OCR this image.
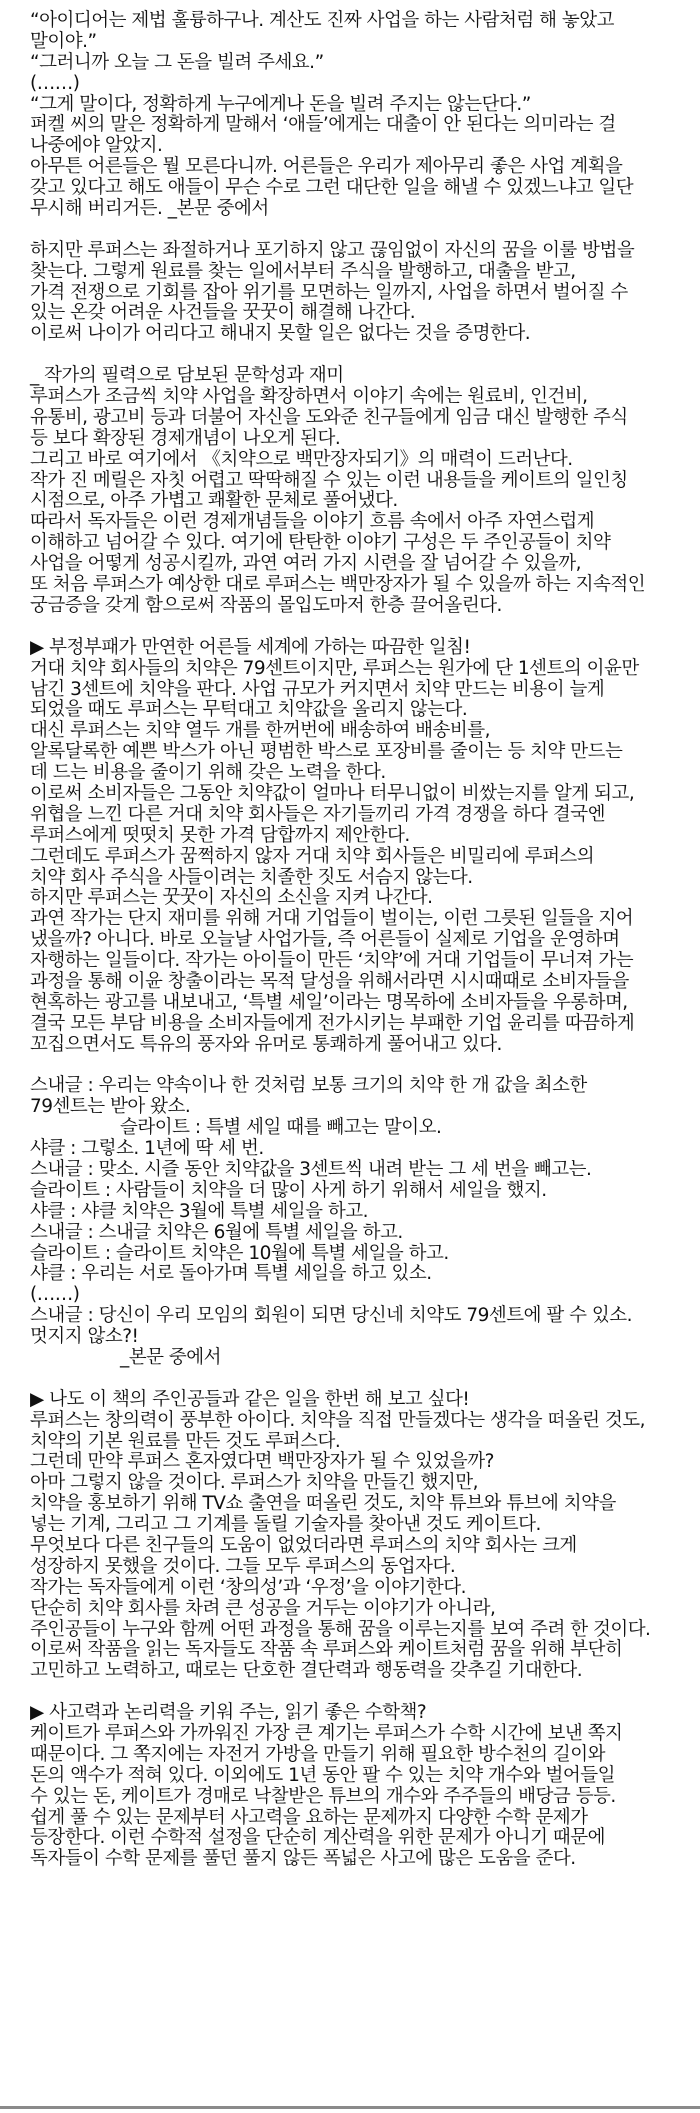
“아이디어는 제법 훌륭하구나. 계산도 진짜 사업을 하는 사람처럼 해 놓았고
말이야.”
“그러니까 오늘 그 돈을 빌려 주세요.”
(……)
“그게 말이다, 정확하게 누구에게나 돈을 빌려 주지는 않는단다.”
퍼켈 씨의 말은 정확하게 말해서 ‘애들’에게는 대출이 안 된다는 의미라는 걸
나중에야 알았지.
아무튼 어른들은 뭘 모른다니까. 어른들은 우리가 제아무리 좋은 사업 계획을
갖고 있다고 해도 애들이 무슨 수로 그런 대단한 일을 해낼 수 있겠느냐고 일단
무시해 버리거든. _본문 중에서
하지만 루퍼스는 좌절하거나 포기하지 않고 끊임없이 자신의 꿈을 이룰 방법을
찾는다. 그렇게 원료를 찾는 일에서부터 주식을 발행하고, 대출을 받고,
가격 전쟁으로 기회를 잡아 위기를 모면하는 일까지, 사업을 하면서 벌어질 수
있는 온갖 어려운 사건들을 꿋꿋이 해결해 나간다.
이로써 나이가 어리다고 해내지 못할 일은 없다는 것을 증명한다.
_ 작가의 필력으로 담보된 문학성과 재미
루퍼스가 조금씩 치약 사업을 확장하면서 이야기 속에는 원료비, 인건비,
유통비, 광고비 등과 더불어 자신을 도와준 친구들에게 임금 대신 발행한 주식
등 보다 확장된 경제개념이 나오게 된다.
그리고 바로 여기에서 《치약으로 백만장자되기》의 매력이 드러난다.
작가 진 메릴은 자칫 어렵고 딱딱해질 수 있는 이런 내용들을 케이트의 일인칭
시점으로, 아주 가볍고 쾌활한 문체로 풀어냈다.
따라서 독자들은 이런 경제개념들을 이야기 흐름 속에서 아주 자연스럽게
이해하고 넘어갈 수 있다. 여기에 탄탄한 이야기 구성은 두 주인공들이 치약
사업을 어떻게 성공시킬까, 과연 여러 가지 시련을 잘 넘어갈 수 있을까,
또 처음 루퍼스가 예상한 대로 루퍼스는 백만장자가 될 수 있을까 하는 지속적인
궁금증을 갖게 함으로써 작품의 몰입도마저 한층 끌어올린다.
▶ 부정부패가 만연한 어른들 세계에 가하는 따끔한 일침!
거대 치약 회사들의 치약은 79센트이지만, 루퍼스는 원가에 단 1센트의 이윤만
남긴 3센트에 치약을 판다. 사업 규모가 커지면서 치약 만드는 비용이 늘게
되었을 때도 루퍼스는 무턱대고 치약값을 올리지 않는다.
대신 루퍼스는 치약 열두 개를 한꺼번에 배송하여 배송비를,
알록달록한 예쁜 박스가 아닌 평범한 박스로 포장비를 줄이는 등 치약 만드는
데 드는 비용을 줄이기 위해 갖은 노력을 한다.
이로써 소비자들은 그동안 치약값이 얼마나 터무니없이 비쌌는지를 알게 되고,
위협을 느낀 다른 거대 치약 회사들은 자기들끼리 가격 경쟁을 하다 결국엔
루퍼스에게 떳떳치 못한 가격 담합까지 제안한다.
그런데도 루퍼스가 꿈쩍하지 않자 거대 치약 회사들은 비밀리에 루퍼스의
치약 회사 주식을 사들이려는 치졸한 짓도 서슴지 않는다.
하지만 루퍼스는 꿋꿋이 자신의 소신을 지켜 나간다.
과연 작가는 단지 재미를 위해 거대 기업들이 벌이는, 이런 그릇된 일들을 지어
냈을까? 아니다. 바로 오늘날 사업가들, 즉 어른들이 실제로 기업을 운영하며
자행하는 일들이다. 작가는 아이들이 만든 ‘치약’에 거대 기업들이 무너져 가는
과정을 통해 이윤 창출이라는 목적 달성을 위해서라면 시시때때로 소비자들을
현혹하는 광고를 내보내고, ‘특별 세일’이라는 명목하에 소비자들을 우롱하며,
결국 모든 부담 비용을 소비자들에게 전가시키는 부패한 기업 윤리를 따끔하게
꼬집으면서도 특유의 풍자와 유머로 통쾌하게 풀어내고 있다.
스내글 : 우리는 약속이나 한 것처럼 보통 크기의 치약 한 개 값을 최소한
79센트는 받아 왔소.
슬라이트 : 특별 세일 때를 빼고는 말이오.
샤클 : 그렇소. 1년에 딱 세 번.
스내글 : 맞소. 시즐 동안 치약값을 3센트씩 내려 받는 그 세 번을 빼고는.
슬라이트 : 사람들이 치약을 더 많이 사게 하기 위해서 세일을 했지.
샤클 : 샤클 치약은 3월에 특별 세일을 하고.
스내글 : 스내글 치약은 6월에 특별 세일을 하고.
슬라이트 : 슬라이트 치약은 10월에 특별 세일을 하고.
샤클 : 우리는 서로 돌아가며 특별 세일을 하고 있소.
(……)
스내글 : 당신이 우리 모임의 회원이 되면 당신네 치약도 79센트에 팔 수 있소.
멋지지 않소?!
_본문 중에서
▶ 나도 이 책의 주인공들과 같은 일을 한번 해 보고 싶다!
루퍼스는 창의력이 풍부한 아이다. 치약을 직접 만들겠다는 생각을 떠올린 것도,
치약의 기본 원료를 만든 것도 루퍼스다.
그런데 만약 루퍼스 혼자였다면 백만장자가 될 수 있었을까?
아마 그렇지 않을 것이다. 루퍼스가 치약을 만들긴 했지만,
치약을 홍보하기 위해 TV쇼 출연을 떠올린 것도, 치약 튜브와 튜브에 치약을
넣는 기계, 그리고 그 기계를 돌릴 기술자를 찾아낸 것도 케이트다.
무엇보다 다른 친구들의 도움이 없었더라면 루퍼스의 치약 회사는 크게
성장하지 못했을 것이다. 그들 모두 루퍼스의 동업자다.
작가는 독자들에게 이런 ‘창의성’과 ‘우정’을 이야기한다.
단순히 치약 회사를 차려 큰 성공을 거두는 이야기가 아니라,
주인공들이 누구와 함께 어떤 과정을 통해 꿈을 이루는지를 보여 주려 한 것이다.
이로써 작품을 읽는 독자들도 작품 속 루퍼스와 케이트처럼 꿈을 위해 부단히
고민하고 노력하고, 때로는 단호한 결단력과 행동력을 갖추길 기대한다.
▶ 사고력과 논리력을 키워 주는, 읽기 좋은 수학책?
케이트가 루퍼스와 가까워진 가장 큰 계기는 루퍼스가 수학 시간에 보낸 쪽지
때문이다. 그 쪽지에는 자전거 가방을 만들기 위해 필요한 방수천의 길이와
돈의 액수가 적혀 있다. 이외에도 1년 동안 팔 수 있는 치약 개수와 벌어들일
수 있는 돈, 케이트가 경매로 낙찰받은 튜브의 개수와 주주들의 배당금 등등.
쉽게 풀 수 있는 문제부터 사고력을 요하는 문제까지 다양한 수학 문제가
등장한다. 이런 수학적 설정을 단순히 계산력을 위한 문제가 아니기 때문에
독자들이 수학 문제를 풀던 풀지 않든 폭넓은 사고에 많은 도움을 준다.
